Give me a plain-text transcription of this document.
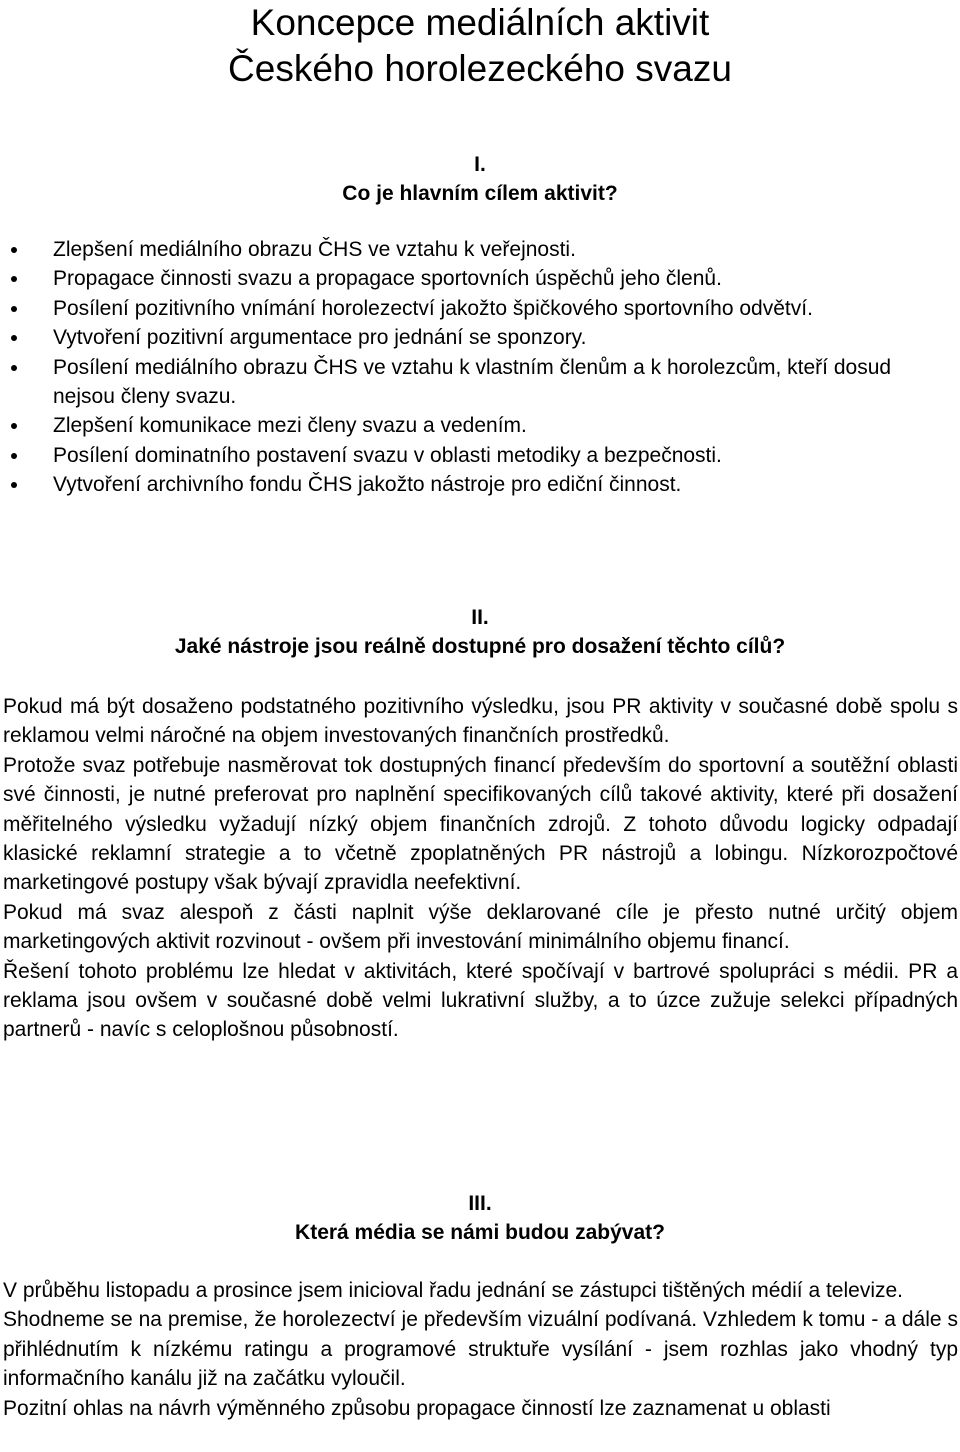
Koncepce mediálních aktivit
Českého horolezeckého svazu
I.
Co je hlavním cílem aktivit?
Zlepšení mediálního obrazu ČHS ve vztahu k veřejnosti.
Propagace činnosti svazu a propagace sportovních úspěchů jeho členů.
Posílení pozitivního vnímání horolezectví jakožto špičkového sportovního odvětví.
Vytvoření pozitivní argumentace pro jednání se sponzory.
Posílení mediálního obrazu ČHS ve vztahu k vlastním členům a k horolezcům, kteří dosud nejsou členy svazu.
Zlepšení komunikace mezi členy svazu a vedením.
Posílení dominatního postavení svazu v oblasti metodiky a bezpečnosti.
Vytvoření archivního fondu ČHS jakožto nástroje pro ediční činnost.
II.
Jaké nástroje jsou reálně dostupné pro dosažení těchto cílů?

Pokud má být dosaženo podstatného pozitivního výsledku, jsou PR aktivity v současné době spolu s reklamou velmi náročné na objem investovaných finančních prostředků.

Protože svaz potřebuje nasměrovat tok dostupných financí především do sportovní a soutěžní oblasti své činnosti, je nutné preferovat pro naplnění specifikovaných cílů takové aktivity, které při dosažení měřitelného výsledku vyžadují nízký objem finančních zdrojů. Z tohoto důvodu logicky odpadají klasické reklamní strategie a to včetně zpoplatněných PR nástrojů a lobingu. Nízkorozpočtové marketingové postupy však bývají zpravidla neefektivní.

Pokud má svaz alespoň z části naplnit výše deklarované cíle je přesto nutné určitý objem marketingových aktivit rozvinout - ovšem při investování minimálního objemu financí.

Řešení tohoto problému lze hledat v aktivitách, které spočívají v bartrové spolupráci s médii. PR a reklama jsou ovšem v současné době velmi lukrativní služby, a to úzce zužuje selekci případných partnerů - navíc s celoplošnou působností.

III.
Která média se námi budou zabývat?

V průběhu listopadu a prosince jsem inicioval řadu jednání se zástupci tištěných médií a televize.

Shodneme se na premise, že horolezectví je především vizuální podívaná. Vzhledem k tomu - a dále s přihlédnutím k nízkému ratingu a programové struktuře vysílání - jsem rozhlas jako vhodný typ informačního kanálu již na začátku vyloučil.

Pozitní ohlas na návrh výměnného způsobu propagace činností lze zaznamenat u oblasti
